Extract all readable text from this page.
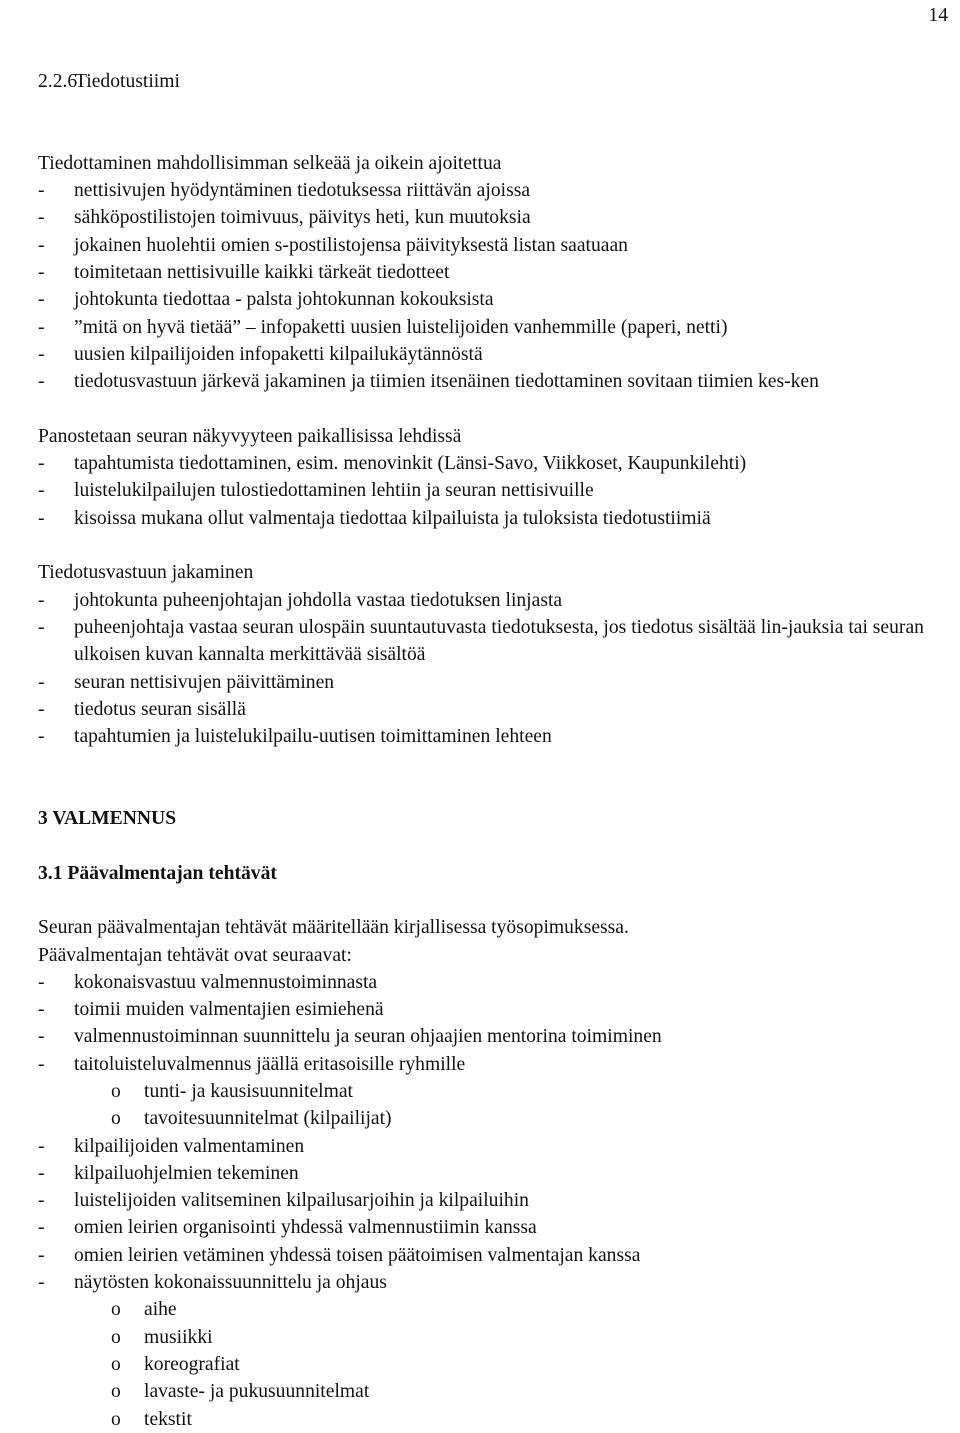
14
2.2.6Tiedotustiimi
Tiedottaminen mahdollisimman selkeää ja oikein ajoitettua
- nettisivujen hyödyntäminen tiedotuksessa riittävän ajoissa
- sähköpostilistojen toimivuus, päivitys heti, kun muutoksia
- jokainen huolehtii omien s-postilistojensa päivityksestä listan saatuaan
- toimitetaan nettisivuille kaikki tärkeät tiedotteet
- johtokunta tiedottaa - palsta johtokunnan kokouksista
- ”mitä on hyvä tietää” – infopaketti uusien luistelijoiden vanhemmille (paperi, netti)
- uusien kilpailijoiden infopaketti kilpailukäytännöstä
- tiedotusvastuun järkevä jakaminen ja tiimien itsenäinen tiedottaminen sovitaan tiimien kes-ken
Panostetaan seuran näkyvyyteen paikallisissa lehdissä
- tapahtumista tiedottaminen, esim. menovinkit (Länsi-Savo, Viikkoset, Kaupunkilehti)
- luistelukilpailujen tulostiedottaminen lehtiin ja seuran nettisivuille
- kisoissa mukana ollut valmentaja tiedottaa kilpailuista ja tuloksista tiedotustiimiä
Tiedotusvastuun jakaminen
- johtokunta puheenjohtajan johdolla vastaa tiedotuksen linjasta
- puheenjohtaja vastaa seuran ulospäin suuntautuvasta tiedotuksesta, jos tiedotus sisältää lin-jauksia tai seuran ulkoisen kuvan kannalta merkittävää sisältöä
- seuran nettisivujen päivittäminen
- tiedotus seuran sisällä
- tapahtumien ja luistelukilpailu-uutisen toimittaminen lehteen
3 VALMENNUS
3.1 Päävalmentajan tehtävät
Seuran päävalmentajan tehtävät määritellään kirjallisessa työsopimuksessa.
Päävalmentajan tehtävät ovat seuraavat:
- kokonaisvastuu valmennustoiminnasta
- toimii muiden valmentajien esimiehenä
- valmennustoiminnan suunnittelu ja seuran ohjaajien mentorina toimiminen
- taitoluisteluvalmennus jäällä eritasoisille ryhmille
o tunti- ja kausisuunnitelmat
o tavoitesuunnitelmat (kilpailijat)
- kilpailijoiden valmentaminen
- kilpailuohjelmien tekeminen
- luistelijoiden valitseminen kilpailusarjoihin ja kilpailuihin
- omien leirien organisointi yhdessä valmennustiimin kanssa
- omien leirien vetäminen yhdessä toisen päätoimisen valmentajan kanssa
- näytösten kokonaissuunnittelu ja ohjaus
o aihe
o musiikki
o koreografiat
o lavaste- ja pukusuunnitelmat
o tekstit
